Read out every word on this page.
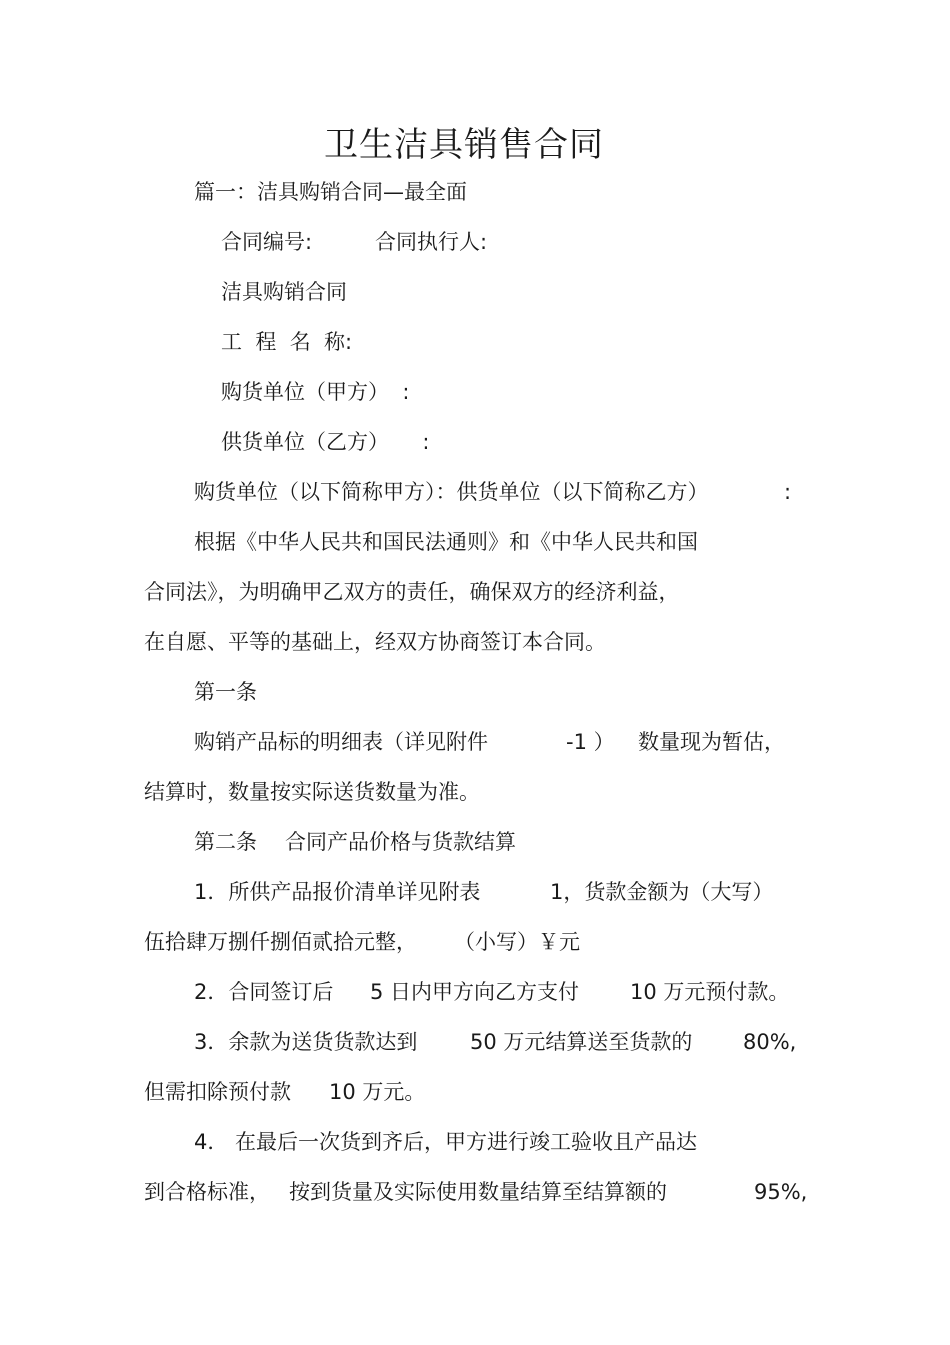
卫生洁具销售合同
篇一：洁具购销合同—最全面
合同编号:	合同执行人:
洁具购销合同
工  程  名  称:
购货单位（甲方）  :
供货单位（乙方）     :
购货单位（以下简称甲方）：供货单位（以下简称乙方）	:
根据《中华人民共和国民法通则》和《中华人民共和国
合同法》，为明确甲乙双方的责任，确保双方的经济利益，
在自愿、平等的基础上，经双方协商签订本合同。
第一条
购销产品标的明细表（详见附件	-1 ） 数量现为暂估，
结算时，数量按实际送货数量为准。
第二条 合同产品价格与货款结算
1．所供产品报价清单详见附表	1，货款金额为（大写）
伍拾肆万捌仟捌佰贰拾元整， （小写）￥元
2．合同签订后 5 日内甲方向乙方支付 10 万元预付款。
3．余款为送货货款达到	50 万元结算送至货款的 80%,
但需扣除预付款 10 万元。
4． 在最后一次货到齐后，甲方进行竣工验收且产品达
到合格标准， 按到货量及实际使用数量结算至结算额的	95%,
